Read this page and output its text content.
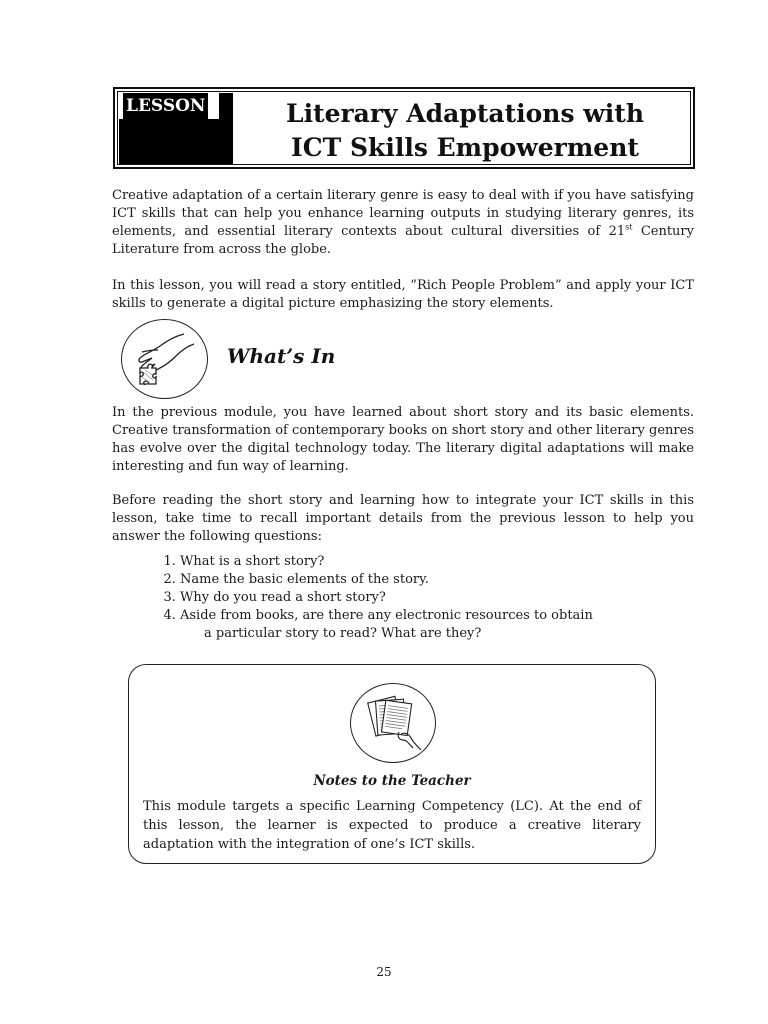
LESSON	Literary Adaptations with
ICT Skills Empowerment
Creative adaptation of a certain literary genre is easy to deal with if you have satisfying ICT skills that can help you enhance learning outputs in studying literary genres, its elements, and essential literary contexts about cultural diversities of 21st Century Literature from across the globe.
In this lesson, you will read a story entitled, “Rich People Problem” and apply your ICT skills to generate a digital picture emphasizing the story elements.
What’s In
In the previous module, you have learned about short story and its basic elements. Creative transformation of contemporary books on short story and other literary genres has evolve over the digital technology today. The literary digital adaptations will make interesting and fun way of learning.
Before reading the short story and learning how to integrate your ICT skills in this lesson, take time to recall important details from the previous lesson to help you answer the following questions:
1. What is a short story?
2. Name the basic elements of the story.
3. Why do you read a short story?
4. Aside from books, are there any electronic resources to obtain
a particular story to read? What are they?
Notes to the Teacher
This module targets a specific Learning Competency (LC). At the end of this lesson, the learner is expected to produce a creative literary adaptation with the integration of one’s ICT skills.
25
